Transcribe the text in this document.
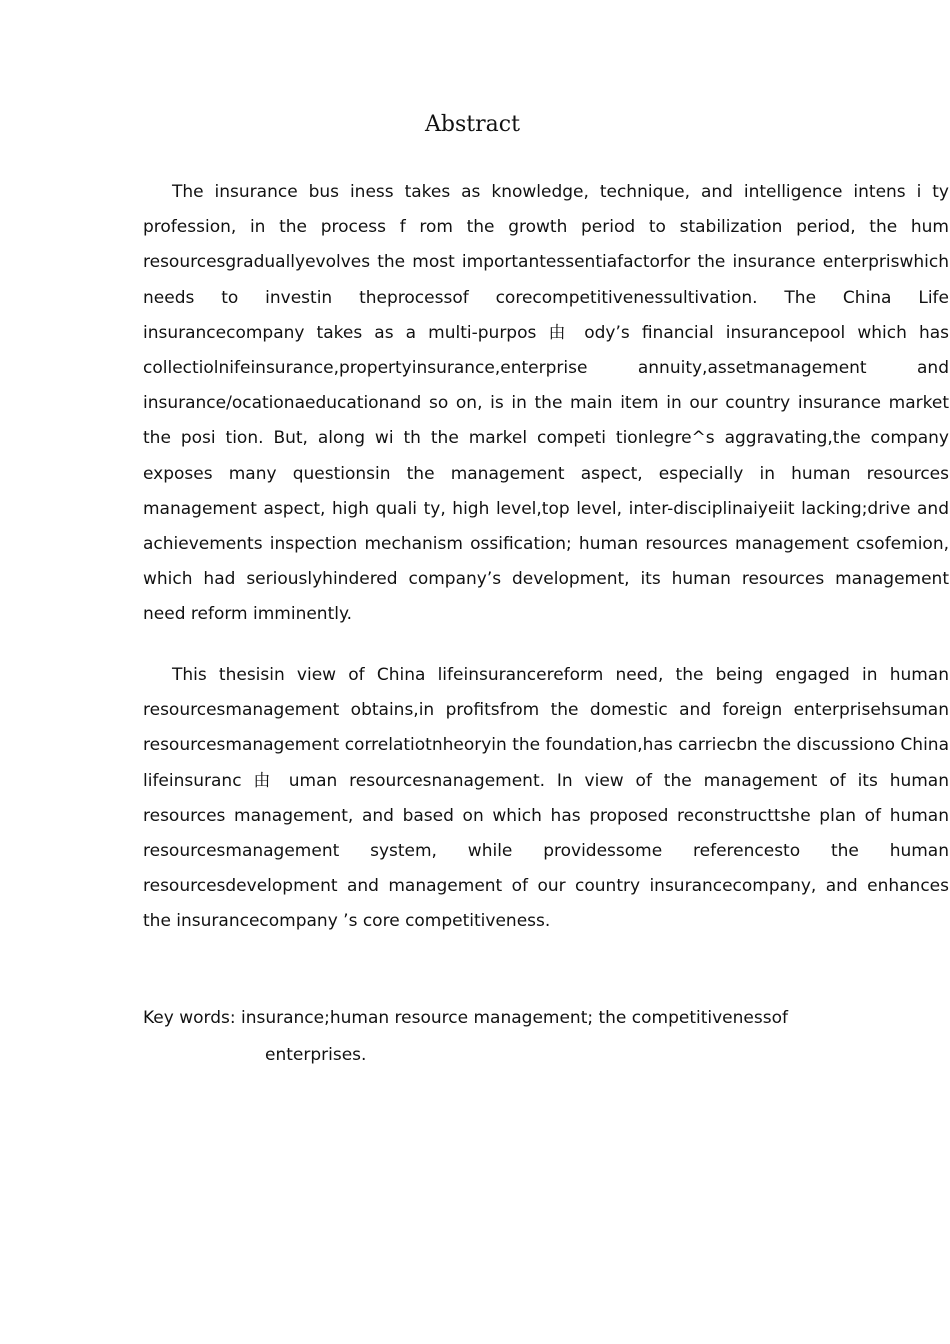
Abstract

The insurance bus iness takes as knowledge, technique, and intelligence intens i ty profession, in the process f rom the growth period to stabilization period, the hum resourcesgraduallyevolves the most importantessentiafactorfor the insurance enterpriswhich needs to investin theprocessof corecompetitivenessultivation. The China Life insurancecompany takes as a multi-purpos 由 ody’s financial insurancepool which has collectiolnifeinsurance,propertyinsurance,enterprise annuity,assetmanagement and insurance/ocationaeducationand so on, is in the main item in our country insurance market the posi tion. But, along wi th the markel competi tionlegre^s aggravating,the company exposes many questionsin the management aspect, especially in human resources management aspect, high quali ty, high level,top level, inter-disciplinaiyeiit lacking;drive and achievements inspection mechanism ossification; human resources management csofemion, which had seriouslyhindered company’s development, its human resources management need reform imminently.

This thesisin view of China lifeinsurancereform need, the being engaged in human resourcesmanagement obtains,in profitsfrom the domestic and foreign enterprisehsuman resourcesmanagement correlatiotnheoryin the foundation,has carriecbn the discussiono China lifeinsuranc 由 uman resourcesnanagement. In view of the management of its human resources management, and based on which has proposed reconstructtshe plan of human resourcesmanagement system, while providessome referencesto the human resourcesdevelopment and management of our country insurancecompany, and enhances the insurancecompany ’s core competitiveness.

Key words: insurance;human resource management; the competitivenessof
enterprises.
